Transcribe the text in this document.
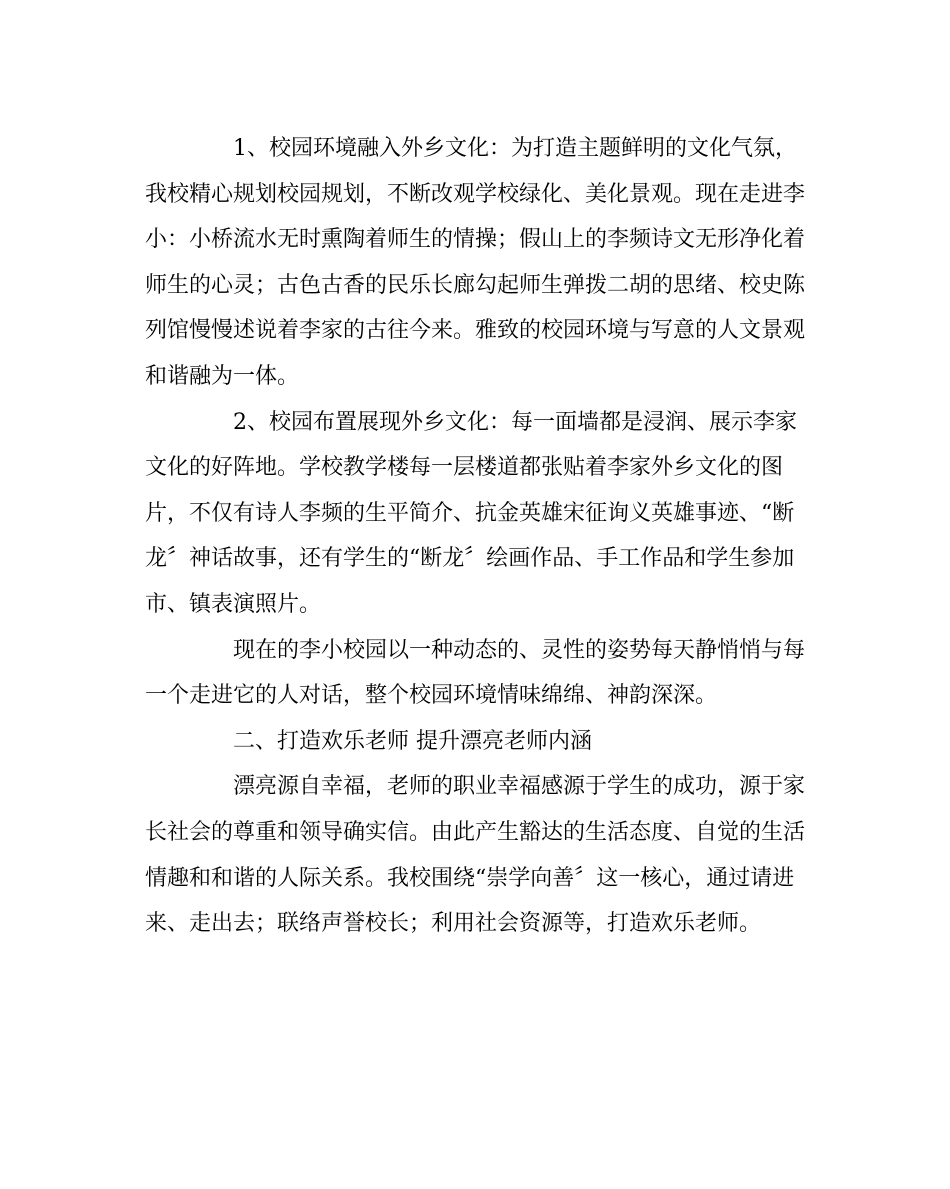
1、校园环境融入外乡文化：为打造主题鲜明的文化气氛，
我校精心规划校园规划，不断改观学校绿化、美化景观。现在走进李
小：小桥流水无时熏陶着师生的情操；假山上的李频诗文无形净化着
师生的心灵；古色古香的民乐长廊勾起师生弹拨二胡的思绪、校史陈
列馆慢慢述说着李家的古往今来。雅致的校园环境与写意的人文景观
和谐融为一体。
2、校园布置展现外乡文化：每一面墙都是浸润、展示李家
文化的好阵地。学校教学楼每一层楼道都张贴着李家外乡文化的图
片，不仅有诗人李频的生平简介、抗金英雄宋征询义英雄事迹、“断
龙〞神话故事，还有学生的“断龙〞绘画作品、手工作品和学生参加
市、镇表演照片。
现在的李小校园以一种动态的、灵性的姿势每天静悄悄与每
一个走进它的人对话，整个校园环境情味绵绵、神韵深深。
二、打造欢乐老师 提升漂亮老师内涵
漂亮源自幸福，老师的职业幸福感源于学生的成功，源于家
长社会的尊重和领导确实信。由此产生豁达的生活态度、自觉的生活
情趣和和谐的人际关系。我校围绕“崇学向善〞这一核心，通过请进
来、走出去；联络声誉校长；利用社会资源等，打造欢乐老师。
